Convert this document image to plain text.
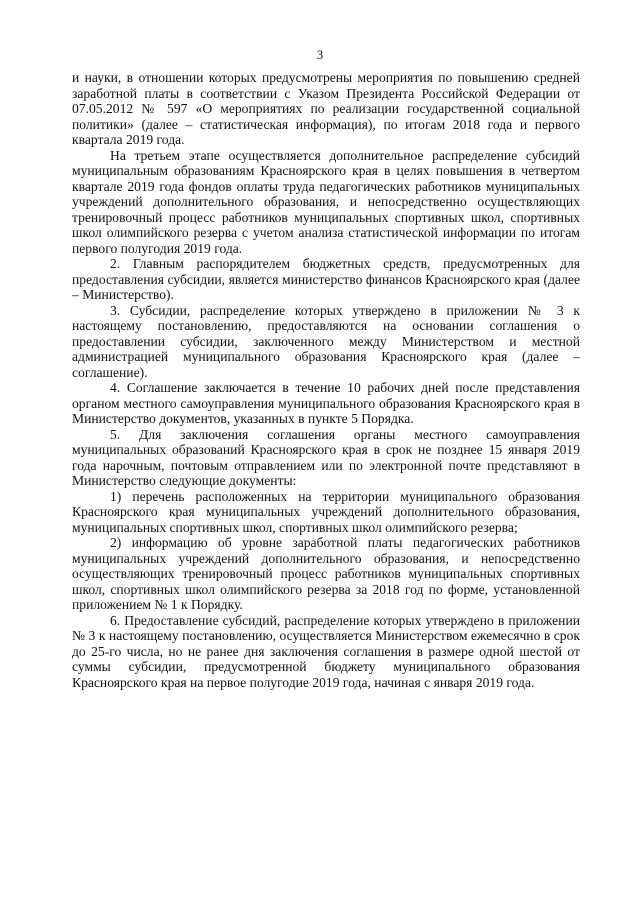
3

и науки, в отношении которых предусмотрены мероприятия по повышению средней заработной платы в соответствии с Указом Президента Российской Федерации от 07.05.2012 № 597 «О мероприятиях по реализации государственной социальной политики» (далее – статистическая информация), по итогам 2018 года и первого квартала 2019 года.

На третьем этапе осуществляется дополнительное распределение субсидий муниципальным образованиям Красноярского края в целях повышения в четвертом квартале 2019 года фондов оплаты труда педагогических работников муниципальных учреждений дополнительного образования, и непосредственно осуществляющих тренировочный процесс работников муниципальных спортивных школ, спортивных школ олимпийского резерва с учетом анализа статистической информации по итогам первого полугодия 2019 года.

2. Главным распорядителем бюджетных средств, предусмотренных для предоставления субсидии, является министерство финансов Красноярского края (далее – Министерство).

3. Субсидии, распределение которых утверждено в приложении № 3 к настоящему постановлению, предоставляются на основании соглашения о предоставлении субсидии, заключенного между Министерством и местной администрацией муниципального образования Красноярского края (далее – соглашение).

4. Соглашение заключается в течение 10 рабочих дней после представления органом местного самоуправления муниципального образования Красноярского края в Министерство документов, указанных в пункте 5 Порядка.

5. Для заключения соглашения органы местного самоуправления муниципальных образований Красноярского края в срок не позднее 15 января 2019 года нарочным, почтовым отправлением или по электронной почте представляют в Министерство следующие документы:

1) перечень расположенных на территории муниципального образования Красноярского края муниципальных учреждений дополнительного образования, муниципальных спортивных школ, спортивных школ олимпийского резерва;

2) информацию об уровне заработной платы педагогических работников муниципальных учреждений дополнительного образования, и непосредственно осуществляющих тренировочный процесс работников муниципальных спортивных школ, спортивных школ олимпийского резерва за 2018 год по форме, установленной приложением № 1 к Порядку.

6. Предоставление субсидий, распределение которых утверждено в приложении № 3 к настоящему постановлению, осуществляется Министерством ежемесячно в срок до 25-го числа, но не ранее дня заключения соглашения в размере одной шестой от суммы субсидии, предусмотренной бюджету муниципального образования Красноярского края на первое полугодие 2019 года, начиная с января 2019 года.
